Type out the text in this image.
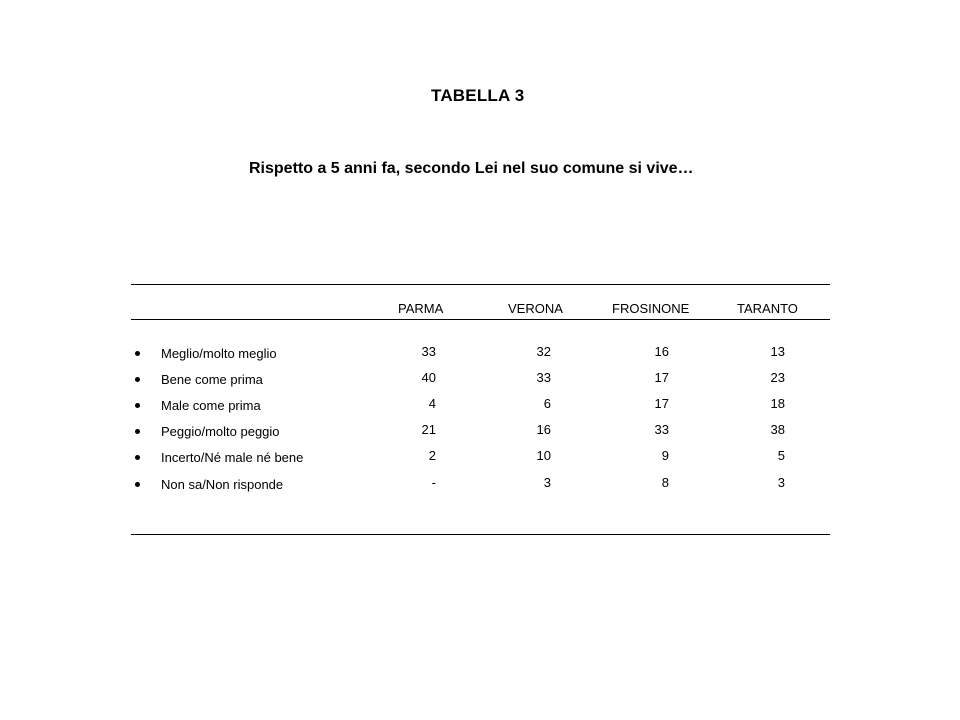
TABELLA 3
Rispetto a 5 anni fa, secondo Lei nel suo comune si vive…
PARMA	VERONA	FROSINONE	TARANTO
Meglio/molto meglio	33	32	16	13
Bene come prima	40	33	17	23
Male come prima	4	6	17	18
Peggio/molto peggio	21	16	33	38
Incerto/Né male né bene	2	10	9	5
Non sa/Non risponde	-	3	8	3
